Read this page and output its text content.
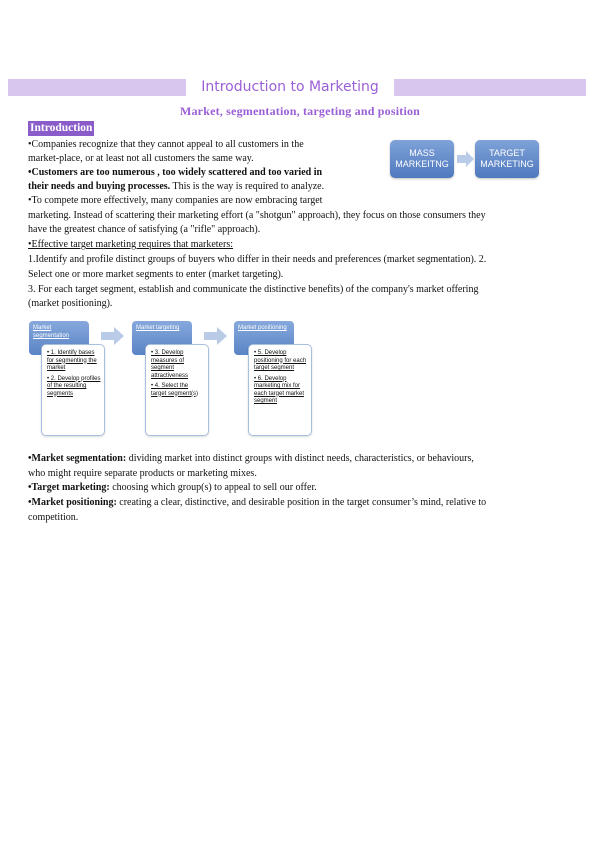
Introduction to Marketing
Market, segmentation, targeting and position
Introduction
•Companies recognize that they cannot appeal to all customers in the
market-place, or at least not all customers the same way.
•Customers are too numerous , too widely scattered and too varied in
their needs and buying processes. This is the way is required to analyze.
•To compete more effectively, many companies are now embracing target
marketing. Instead of scattering their marketing effort (a "shotgun" approach), they focus on those consumers they
have the greatest chance of satisfying (a "rifle" approach).
•Effective target marketing requires that marketers:
1.Identify and profile distinct groups of buyers who differ in their needs and preferences (market segmentation). 2.
Select one or more market segments to enter (market targeting).
3. For each target segment, establish and communicate the distinctive benefits) of the company's market offering
(market positioning).
MASS MARKEITNG
TARGET MARKETING
Market segmentation
• 1. Identify bases for segmenting the market
• 2. Develop profiles of the resulting segments
Market targeting
• 3. Develop measures of segment attractiveness
• 4. Select the target segment(s)
Market positioning
• 5. Develop positioning for each target segment
• 6. Develop marketing mix for each target market segment
•Market segmentation: dividing market into distinct groups with distinct needs, characteristics, or behaviours,
who might require separate products or marketing mixes.
•Target marketing: choosing which group(s) to appeal to sell our offer.
•Market positioning: creating a clear, distinctive, and desirable position in the target consumer’s mind, relative to
competition.
